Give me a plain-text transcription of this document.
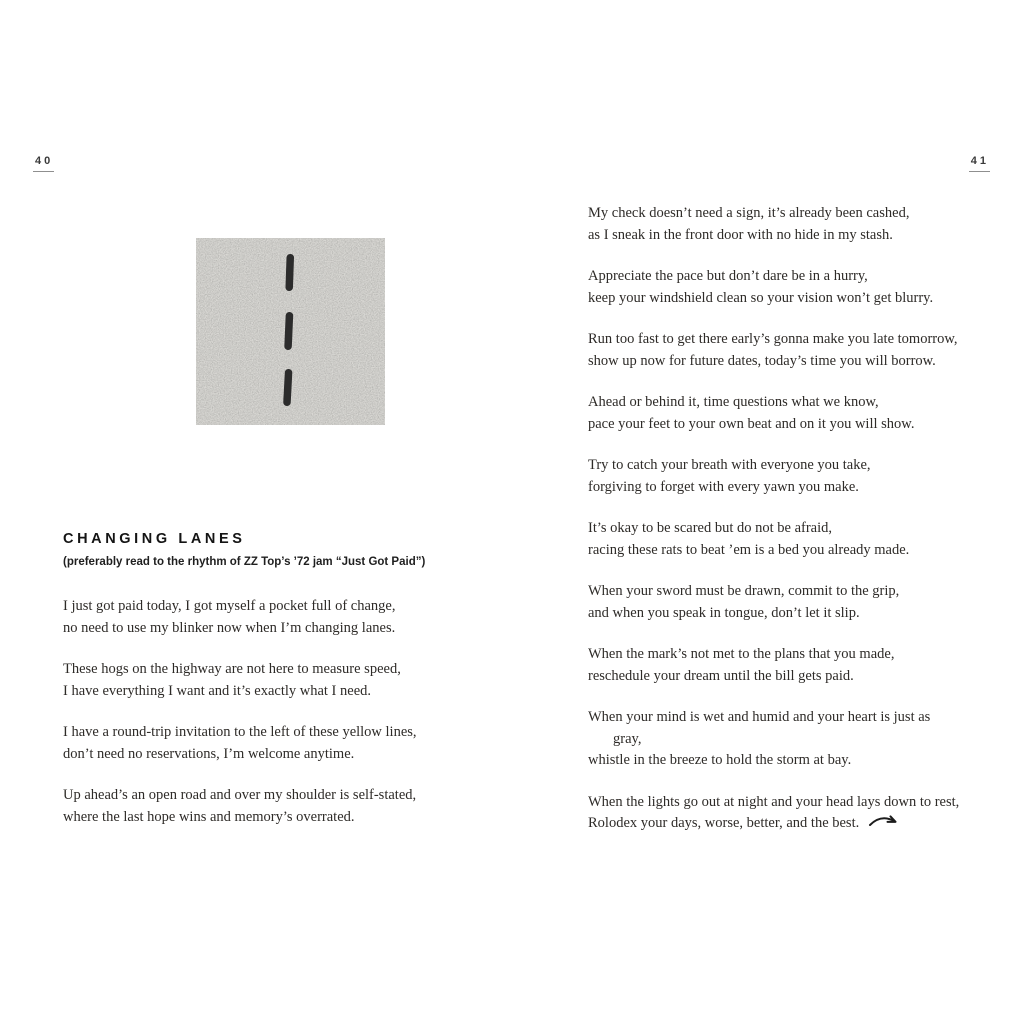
40
CHANGING LANES
(preferably read to the rhythm of ZZ Top’s ’72 jam “Just Got Paid”)
I just got paid today, I got myself a pocket full of change,
no need to use my blinker now when I’m changing lanes.
These hogs on the highway are not here to measure speed,
I have everything I want and it’s exactly what I need.
I have a round-trip invitation to the left of these yellow lines,
don’t need no reservations, I’m welcome anytime.
Up ahead’s an open road and over my shoulder is self-stated,
where the last hope wins and memory’s overrated.
41
My check doesn’t need a sign, it’s already been cashed,
as I sneak in the front door with no hide in my stash.
Appreciate the pace but don’t dare be in a hurry,
keep your windshield clean so your vision won’t get blurry.
Run too fast to get there early’s gonna make you late tomorrow,
show up now for future dates, today’s time you will borrow.
Ahead or behind it, time questions what we know,
pace your feet to your own beat and on it you will show.
Try to catch your breath with everyone you take,
forgiving to forget with every yawn you make.
It’s okay to be scared but do not be afraid,
racing these rats to beat ’em is a bed you already made.
When your sword must be drawn, commit to the grip,
and when you speak in tongue, don’t let it slip.
When the mark’s not met to the plans that you made,
reschedule your dream until the bill gets paid.
When your mind is wet and humid and your heart is just as
gray,
whistle in the breeze to hold the storm at bay.
When the lights go out at night and your head lays down to rest,
Rolodex your days, worse, better, and the best.
